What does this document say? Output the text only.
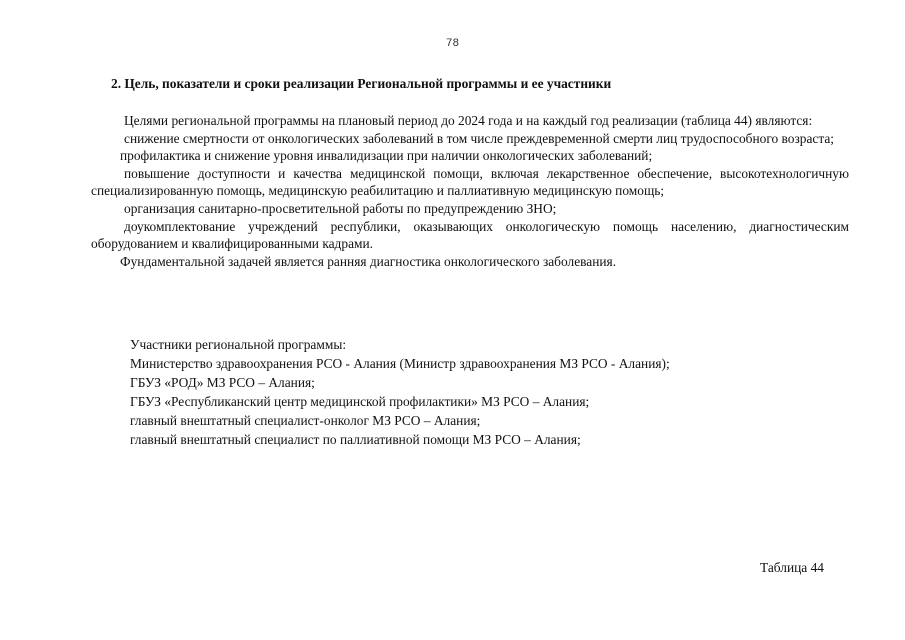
78
2. Цель, показатели и сроки реализации Региональной программы и ее участники

Целями региональной программы на плановый период до 2024 года и на каждый год реализации (таблица 44) являются:

снижение смертности от онкологических заболеваний в том числе преждевременной смерти лиц трудоспособного возраста;

профилактика и снижение уровня инвалидизации при наличии онкологических заболеваний;

повышение доступности и качества медицинской помощи, включая лекарственное обеспечение, высокотехнологичную специализированную помощь, медицинскую реабилитацию и паллиативную медицинскую помощь;

организация санитарно-просветительной работы по предупреждению ЗНО;

доукомплектование учреждений республики, оказывающих онкологическую помощь населению, диагностическим оборудованием и квалифицированными кадрами.

Фундаментальной задачей является ранняя диагностика онкологического заболевания.

Участники региональной программы:

Министерство здравоохранения РСО - Алания (Министр здравоохранения МЗ РСО - Алания);

ГБУЗ «РОД» МЗ РСО – Алания;

ГБУЗ «Республиканский центр медицинской профилактики» МЗ РСО – Алания;

главный внештатный специалист-онколог МЗ РСО – Алания;

главный внештатный специалист по паллиативной помощи МЗ РСО – Алания;

Таблица 44
